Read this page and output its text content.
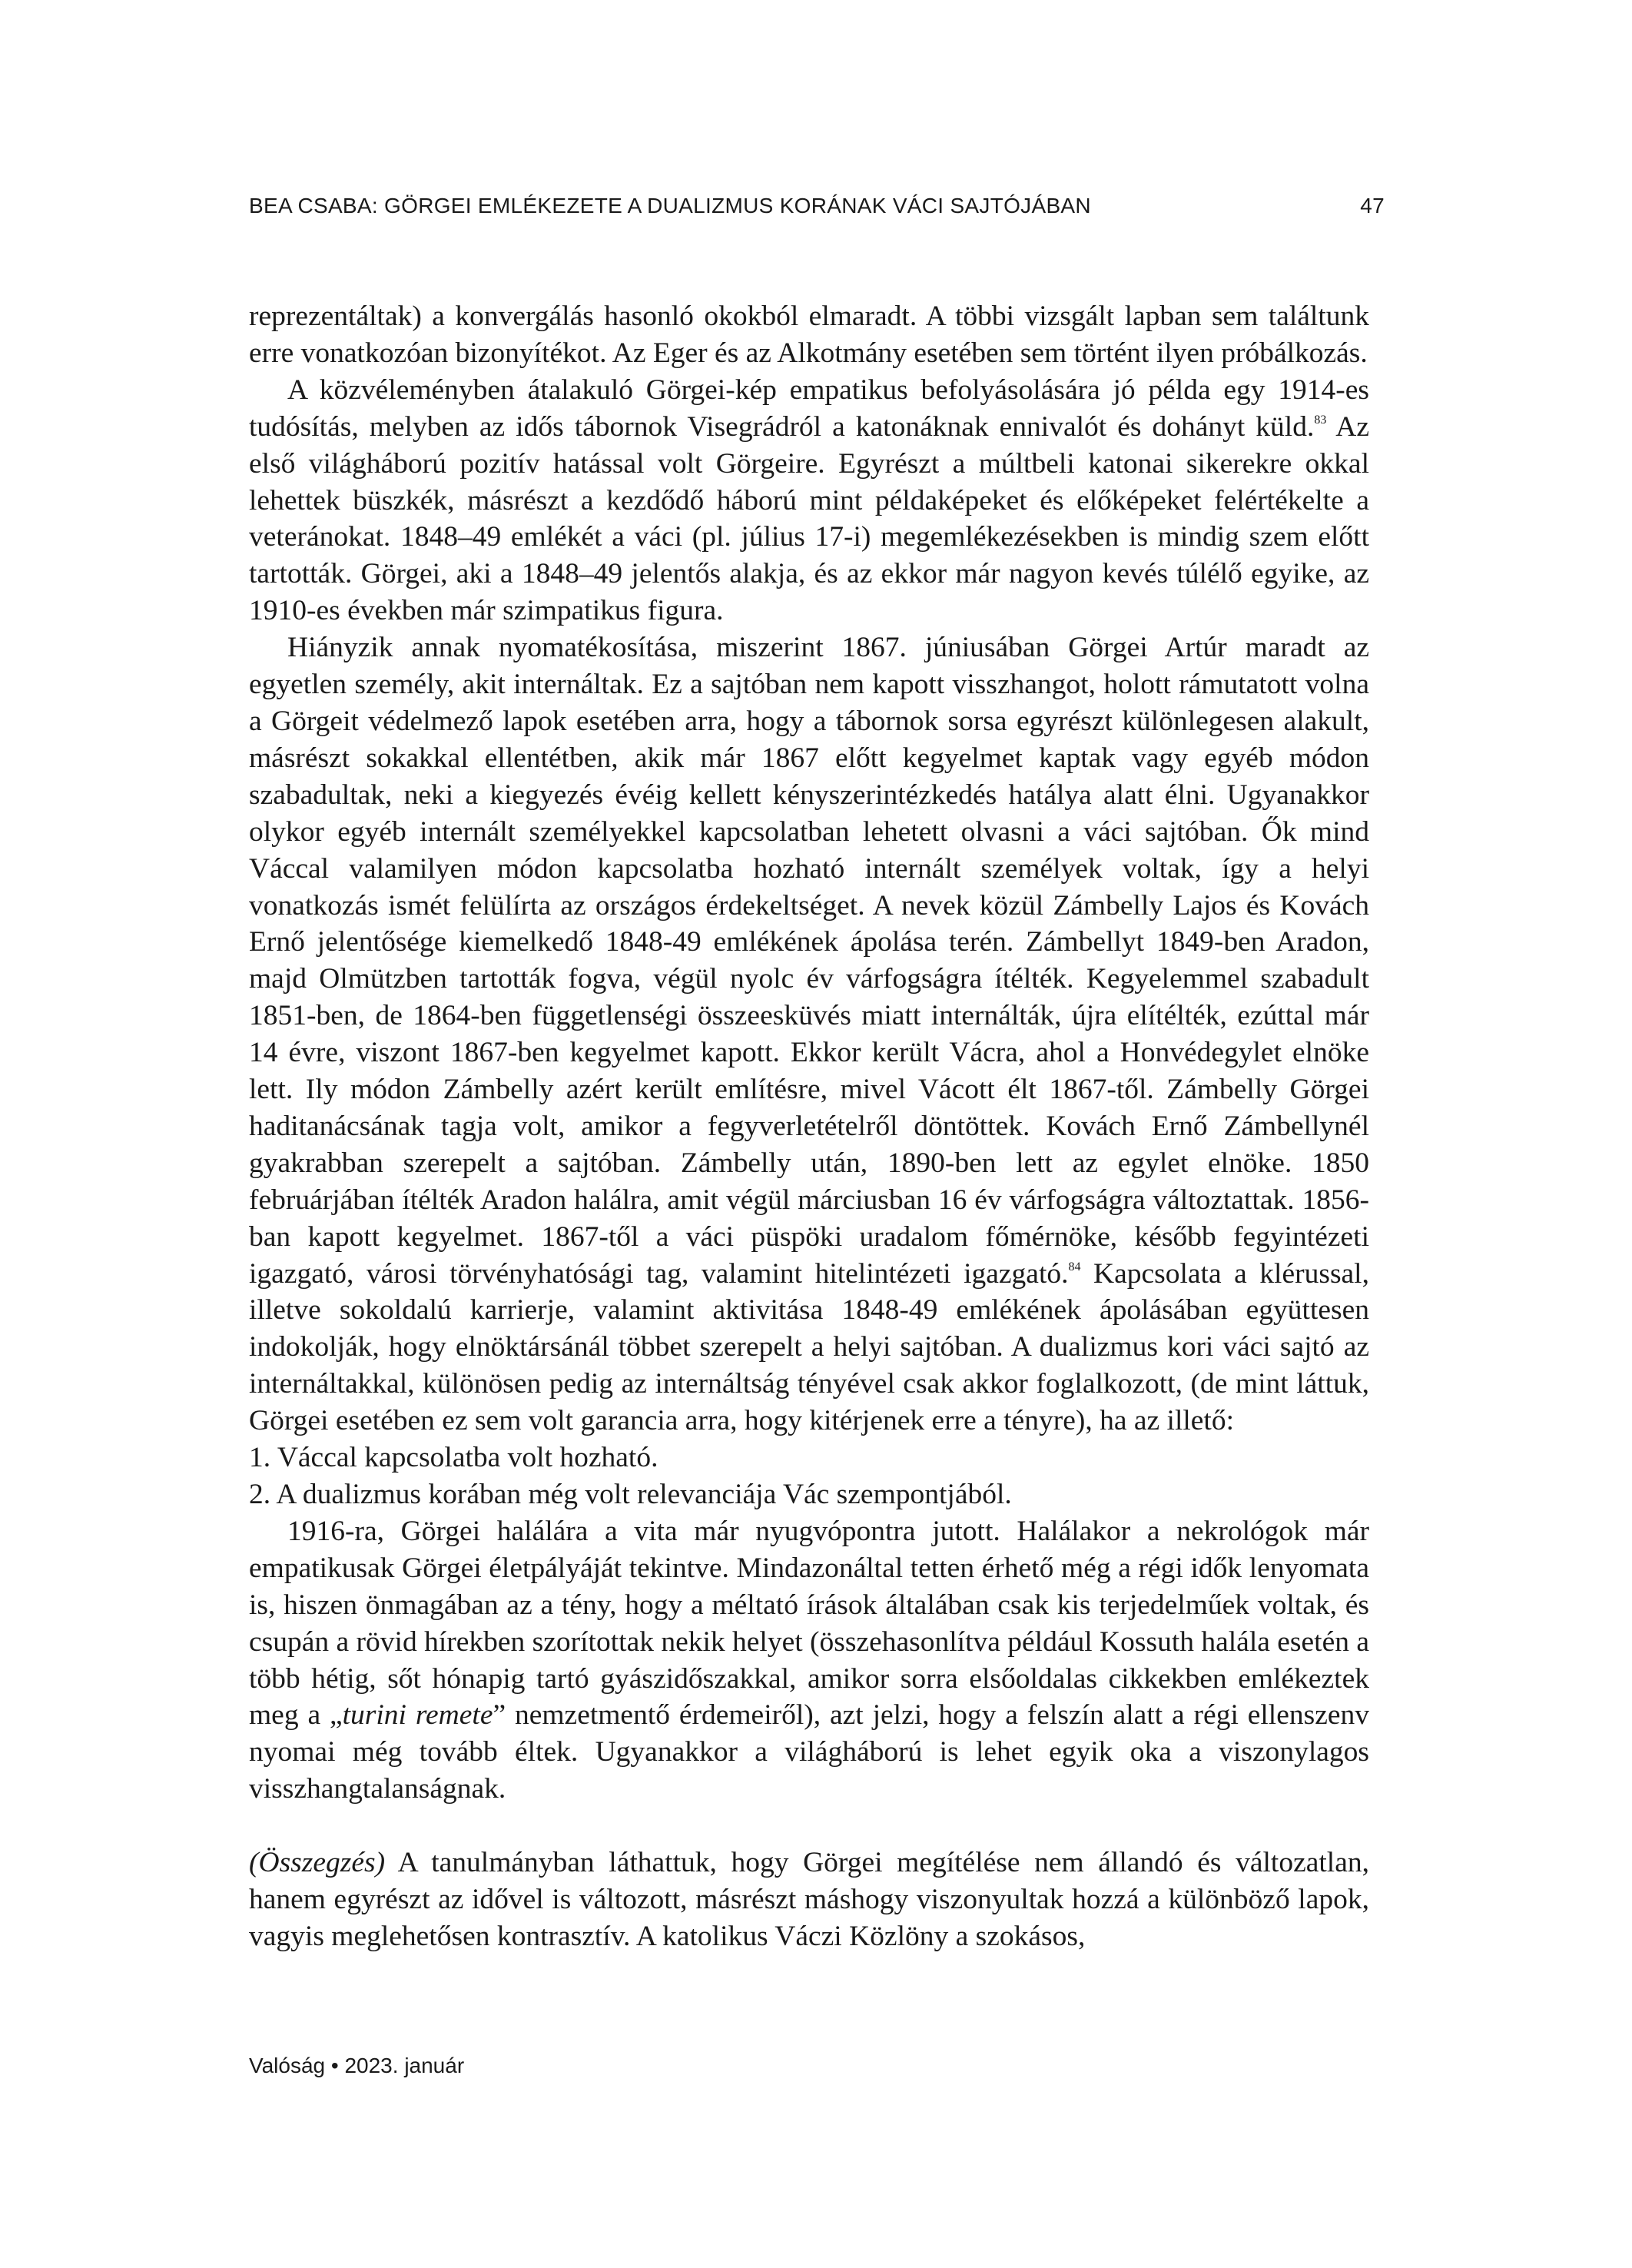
BEA CSABA: GÖRGEI EMLÉKEZETE A DUALIZMUS KORÁNAK VÁCI SAJTÓJÁBAN	47

reprezentáltak) a konvergálás hasonló okokból elmaradt. A többi vizsgált lapban sem találtunk erre vonatkozóan bizonyítékot. Az Eger és az Alkotmány esetében sem történt ilyen próbálkozás.

A közvéleményben átalakuló Görgei-kép empatikus befolyásolására jó példa egy 1914-es tudósítás, melyben az idős tábornok Visegrádról a katonáknak ennivalót és dohányt küld.$^{83}$ Az első világháború pozitív hatással volt Görgeire. Egyrészt a múltbeli katonai sikerekre okkal lehettek büszkék, másrészt a kezdődő háború mint példaképeket és előképeket felértékelte a veteránokat. 1848–49 emlékét a váci (pl. július 17-i) megemlékezésekben is mindig szem előtt tartották. Görgei, aki a 1848–49 jelentős alakja, és az ekkor már nagyon kevés túlélő egyike, az 1910-es években már szimpatikus figura.

Hiányzik annak nyomatékosítása, miszerint 1867. júniusában Görgei Artúr maradt az egyetlen személy, akit internáltak. Ez a sajtóban nem kapott visszhangot, holott rámutatott volna a Görgeit védelmező lapok esetében arra, hogy a tábornok sorsa egyrészt különlegesen alakult, másrészt sokakkal ellentétben, akik már 1867 előtt kegyelmet kaptak vagy egyéb módon szabadultak, neki a kiegyezés évéig kellett kényszerintézkedés hatálya alatt élni. Ugyanakkor olykor egyéb internált személyekkel kapcsolatban lehetett olvasni a váci sajtóban. Ők mind Váccal valamilyen módon kapcsolatba hozható internált személyek voltak, így a helyi vonatkozás ismét felülírta az országos érdekeltséget. A nevek közül Zámbelly Lajos és Kovách Ernő jelentősége kiemelkedő 1848-49 emlékének ápolása terén. Zámbellyt 1849-ben Aradon, majd Olmützben tartották fogva, végül nyolc év várfogságra ítélték. Kegyelemmel szabadult 1851-ben, de 1864-ben függetlenségi összeesküvés miatt internálták, újra elítélték, ezúttal már 14 évre, viszont 1867-ben kegyelmet kapott. Ekkor került Vácra, ahol a Honvédegylet elnöke lett. Ily módon Zámbelly azért került említésre, mivel Vácott élt 1867-től. Zámbelly Görgei haditanácsának tagja volt, amikor a fegyverletételről döntöttek. Kovách Ernő Zámbellynél gyakrabban szerepelt a sajtóban. Zámbelly után, 1890-ben lett az egylet elnöke. 1850 februárjában ítélték Aradon halálra, amit végül márciusban 16 év várfogságra változtattak. 1856-ban kapott kegyelmet. 1867-től a váci püspöki uradalom főmérnöke, később fegyintézeti igazgató, városi törvényhatósági tag, valamint hitelintézeti igazgató.$^{84}$ Kapcsolata a klérussal, illetve sokoldalú karrierje, valamint aktivitása 1848-49 emlékének ápolásában együttesen indokolják, hogy elnöktársánál többet szerepelt a helyi sajtóban. A dualizmus kori váci sajtó az internáltakkal, különösen pedig az internáltság tényével csak akkor foglalkozott, (de mint láttuk, Görgei esetében ez sem volt garancia arra, hogy kitérjenek erre a tényre), ha az illető:

1. Váccal kapcsolatba volt hozható.

2. A dualizmus korában még volt relevanciája Vác szempontjából.

1916-ra, Görgei halálára a vita már nyugvópontra jutott. Halálakor a nekrológok már empatikusak Görgei életpályáját tekintve. Mindazonáltal tetten érhető még a régi idők lenyomata is, hiszen önmagában az a tény, hogy a méltató írások általában csak kis terjedelműek voltak, és csupán a rövid hírekben szorítottak nekik helyet (összehasonlítva például Kossuth halála esetén a több hétig, sőt hónapig tartó gyászidőszakkal, amikor sorra elsőoldalas cikkekben emlékeztek meg a „turini remete” nemzetmentő érdemeiről), azt jelzi, hogy a felszín alatt a régi ellenszenv nyomai még tovább éltek. Ugyanakkor a világháború is lehet egyik oka a viszonylagos visszhangtalanságnak.

(Összegzés) A tanulmányban láthattuk, hogy Görgei megítélése nem állandó és változatlan, hanem egyrészt az idővel is változott, másrészt máshogy viszonyultak hozzá a különböző lapok, vagyis meglehetősen kontrasztív. A katolikus Váczi Közlöny a szokásos,

Valóság • 2023. január
